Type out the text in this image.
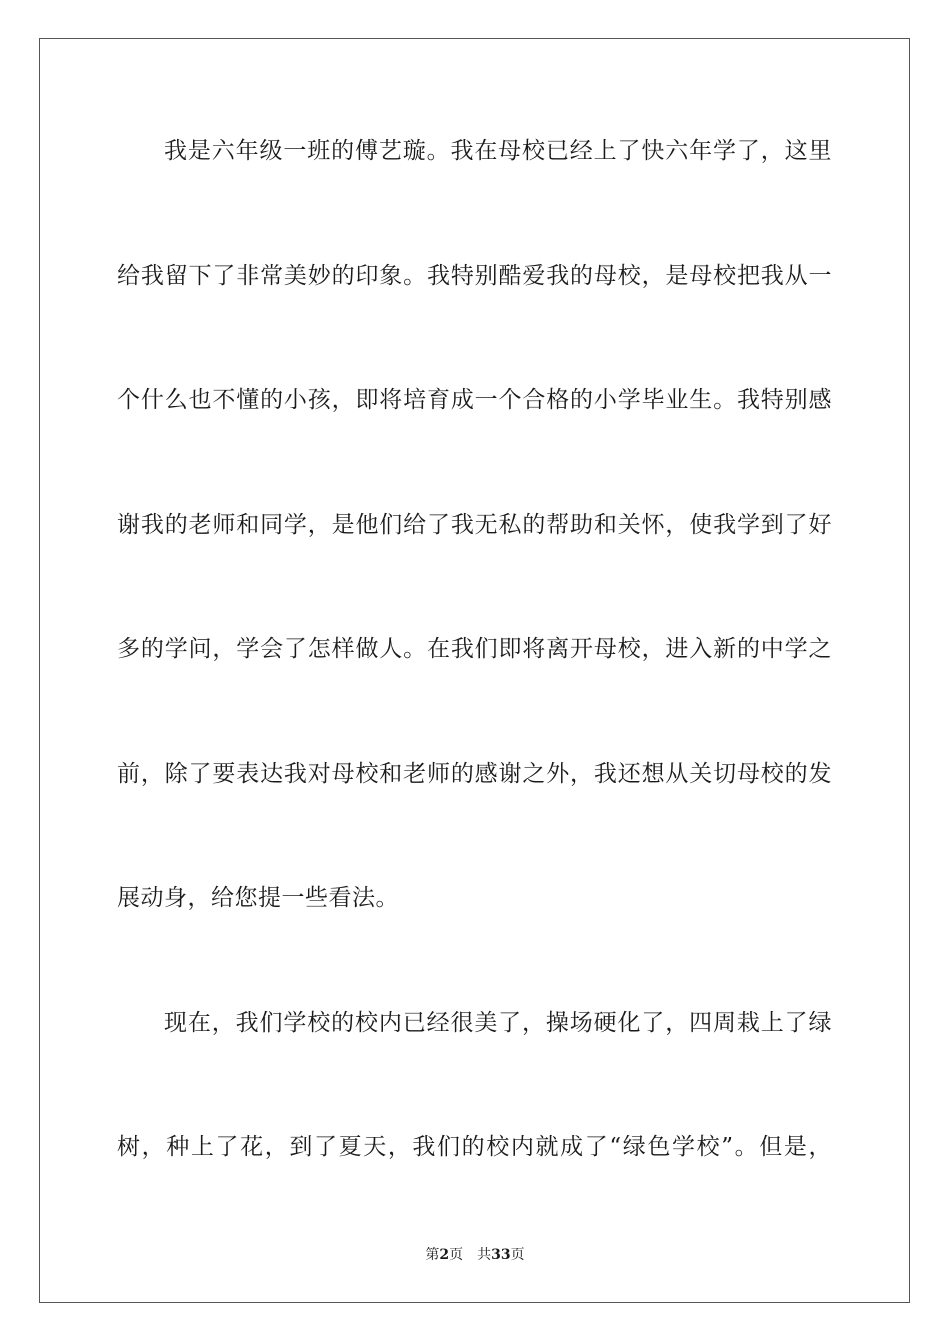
我是六年级一班的傅艺璇。我在母校已经上了快六年学了，这里
给我留下了非常美妙的印象。我特别酷爱我的母校，是母校把我从一
个什么也不懂的小孩，即将培育成一个合格的小学毕业生。我特别感
谢我的老师和同学，是他们给了我无私的帮助和关怀，使我学到了好
多的学问，学会了怎样做人。在我们即将离开母校，进入新的中学之
前，除了要表达我对母校和老师的感谢之外，我还想从关切母校的发
展动身，给您提一些看法。
现在，我们学校的校内已经很美了，操场硬化了，四周栽上了绿
树，种上了花，到了夏天，我们的校内就成了“绿色学校”。但是，
第2页 共33页
